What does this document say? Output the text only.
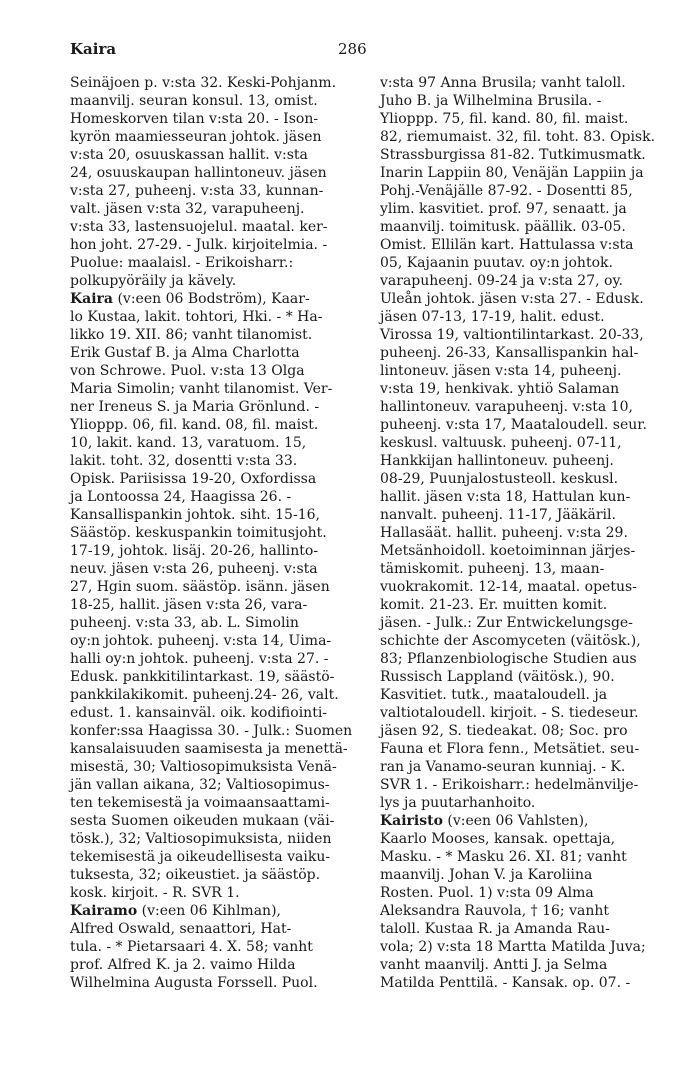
Kaira	286
Seinäjoen p. v:sta 32. Keski-Pohjanm.
maanvilj. seuran konsul. 13, omist.
Homeskorven tilan v:sta 20. - Ison-
kyrön maamiesseuran johtok. jäsen
v:sta 20, osuuskassan hallit. v:sta
24, osuuskaupan hallintoneuv. jäsen
v:sta 27, puheenj. v:sta 33, kunnan-
valt. jäsen v:sta 32, varapuheenj.
v:sta 33, lastensuojelul. maatal. ker-
hon joht. 27-29. - Julk. kirjoitelmia. -
Puolue: maalaisl. - Erikoisharr.:
polkupyöräily ja kävely.
Kaira (v:een 06 Bodström), Kaar-
lo Kustaa, lakit. tohtori, Hki. - * Ha-
likko 19. XII. 86; vanht tilanomist.
Erik Gustaf B. ja Alma Charlotta
von Schrowe. Puol. v:sta 13 Olga
Maria Simolin; vanht tilanomist. Ver-
ner Ireneus S. ja Maria Grönlund. -
Ylioppp. 06, fil. kand. 08, fil. maist.
10, lakit. kand. 13, varatuom. 15,
lakit. toht. 32, dosentti v:sta 33.
Opisk. Pariisissa 19-20, Oxfordissa
ja Lontoossa 24, Haagissa 26. -
Kansallispankin johtok. siht. 15-16,
Säästöp. keskuspankin toimitusjoht.
17-19, johtok. lisäj. 20-26, hallinto-
neuv. jäsen v:sta 26, puheenj. v:sta
27, Hgin suom. säästöp. isänn. jäsen
18-25, hallit. jäsen v:sta 26, vara-
puheenj. v:sta 33, ab. L. Simolin
oy:n johtok. puheenj. v:sta 14, Uima-
halli oy:n johtok. puheenj. v:sta 27. -
Edusk. pankkitilintarkast. 19, säästö-
pankkilakikomit. puheenj.24- 26, valt.
edust. 1. kansainväl. oik. kodifiointi-
konfer:ssa Haagissa 30. - Julk.: Suomen
kansalaisuuden saamisesta ja menettä-
misestä, 30; Valtiosopimuksista Venä-
jän vallan aikana, 32; Valtiosopimus-
ten tekemisestä ja voimaansaattami-
sesta Suomen oikeuden mukaan (väi-
tösk.), 32; Valtiosopimuksista, niiden
tekemisestä ja oikeudellisesta vaiku-
tuksesta, 32; oikeustiet. ja säästöp.
kosk. kirjoit. - R. SVR 1.
Kairamo (v:een 06 Kihlman),
Alfred Oswald, senaattori, Hat-
tula. - * Pietarsaari 4. X. 58; vanht
prof. Alfred K. ja 2. vaimo Hilda
Wilhelmina Augusta Forssell. Puol.
v:sta 97 Anna Brusila; vanht taloll.
Juho B. ja Wilhelmina Brusila. -
Ylioppp. 75, fil. kand. 80, fil. maist.
82, riemumaist. 32, fil. toht. 83. Opisk.
Strassburgissa 81-82. Tutkimusmatk.
Inarin Lappiin 80, Venäjän Lappiin ja
Pohj.-Venäjälle 87-92. - Dosentti 85,
ylim. kasvitiet. prof. 97, senaatt. ja
maanvilj. toimitusk. päällik. 03-05.
Omist. Ellilän kart. Hattulassa v:sta
05, Kajaanin puutav. oy:n johtok.
varapuheenj. 09-24 ja v:sta 27, oy.
Uleån johtok. jäsen v:sta 27. - Edusk.
jäsen 07-13, 17-19, halit. edust.
Virossa 19, valtiontilintarkast. 20-33,
puheenj. 26-33, Kansallispankin hal-
lintoneuv. jäsen v:sta 14, puheenj.
v:sta 19, henkivak. yhtiö Salaman
hallintoneuv. varapuheenj. v:sta 10,
puheenj. v:sta 17, Maataloudell. seur.
keskusl. valtuusk. puheenj. 07-11,
Hankkijan hallintoneuv. puheenj.
08-29, Puunjalostusteoll. keskusl.
hallit. jäsen v:sta 18, Hattulan kun-
nanvalt. puheenj. 11-17, Jääkäril.
Hallasäät. hallit. puheenj. v:sta 29.
Metsänhoidoll. koetoiminnan järjes-
tämiskomit. puheenj. 13, maan-
vuokrakomit. 12-14, maatal. opetus-
komit. 21-23. Er. muitten komit.
jäsen. - Julk.: Zur Entwickelungsge-
schichte der Ascomyceten (väitösk.),
83; Pflanzenbiologische Studien aus
Russisch Lappland (väitösk.), 90.
Kasvitiet. tutk., maataloudell. ja
valtiotaloudell. kirjoit. - S. tiedeseur.
jäsen 92, S. tiedeakat. 08; Soc. pro
Fauna et Flora fenn., Metsätiet. seu-
ran ja Vanamo-seuran kunniaj. - K.
SVR 1. - Erikoisharr.: hedelmänvilje-
lys ja puutarhanhoito.
Kairisto (v:een 06 Vahlsten),
Kaarlo Mooses, kansak. opettaja,
Masku. - * Masku 26. XI. 81; vanht
maanvilj. Johan V. ja Karoliina
Rosten. Puol. 1) v:sta 09 Alma
Aleksandra Rauvola, † 16; vanht
taloll. Kustaa R. ja Amanda Rau-
vola; 2) v:sta 18 Martta Matilda Juva;
vanht maanvilj. Antti J. ja Selma
Matilda Penttilä. - Kansak. op. 07. -
